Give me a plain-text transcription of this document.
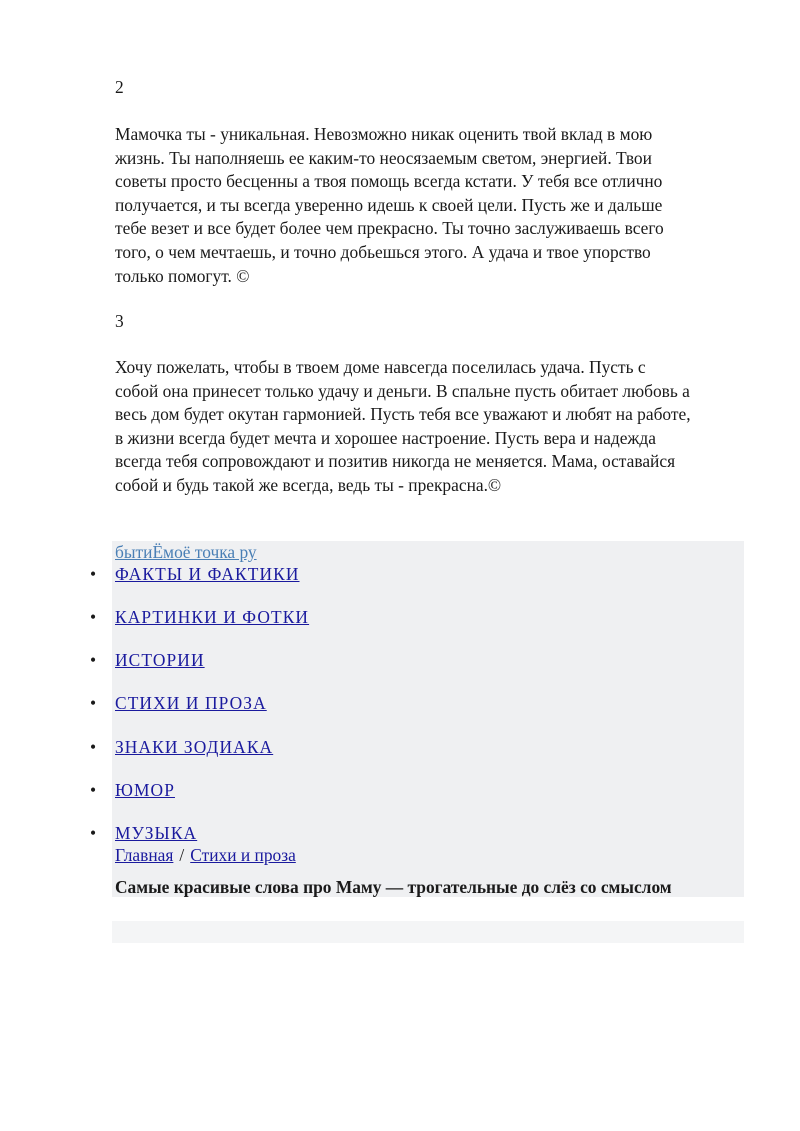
2

Мамочка ты - уникальная. Невозможно никак оценить твой вклад в мою
жизнь. Ты наполняешь ее каким-то неосязаемым светом, энергией. Твои
советы просто бесценны а твоя помощь всегда кстати. У тебя все отлично
получается, и ты всегда уверенно идешь к своей цели. Пусть же и дальше
тебе везет и все будет более чем прекрасно. Ты точно заслуживаешь всего
того, о чем мечтаешь, и точно добьешься этого. А удача и твое упорство
только помогут. ©

3

Хочу пожелать, чтобы в твоем доме навсегда поселилась удача. Пусть с
собой она принесет только удачу и деньги. В спальне пусть обитает любовь а
весь дом будет окутан гармонией. Пусть тебя все уважают и любят на работе,
в жизни всегда будет мечта и хорошее настроение. Пусть вера и надежда
всегда тебя сопровождают и позитив никогда не меняется. Мама, оставайся
собой и будь такой же всегда, ведь ты - прекрасна.©
бытиЁмоё точка ру
• ФАКТЫ И ФАКТИКИ
• КАРТИНКИ И ФОТКИ
• ИСТОРИИ
• СТИХИ И ПРОЗА
• ЗНАКИ ЗОДИАКА
• ЮМОР
• МУЗЫКА
Главная / Стихи и проза
Самые красивые слова про Маму — трогательные до слёз со смыслом
